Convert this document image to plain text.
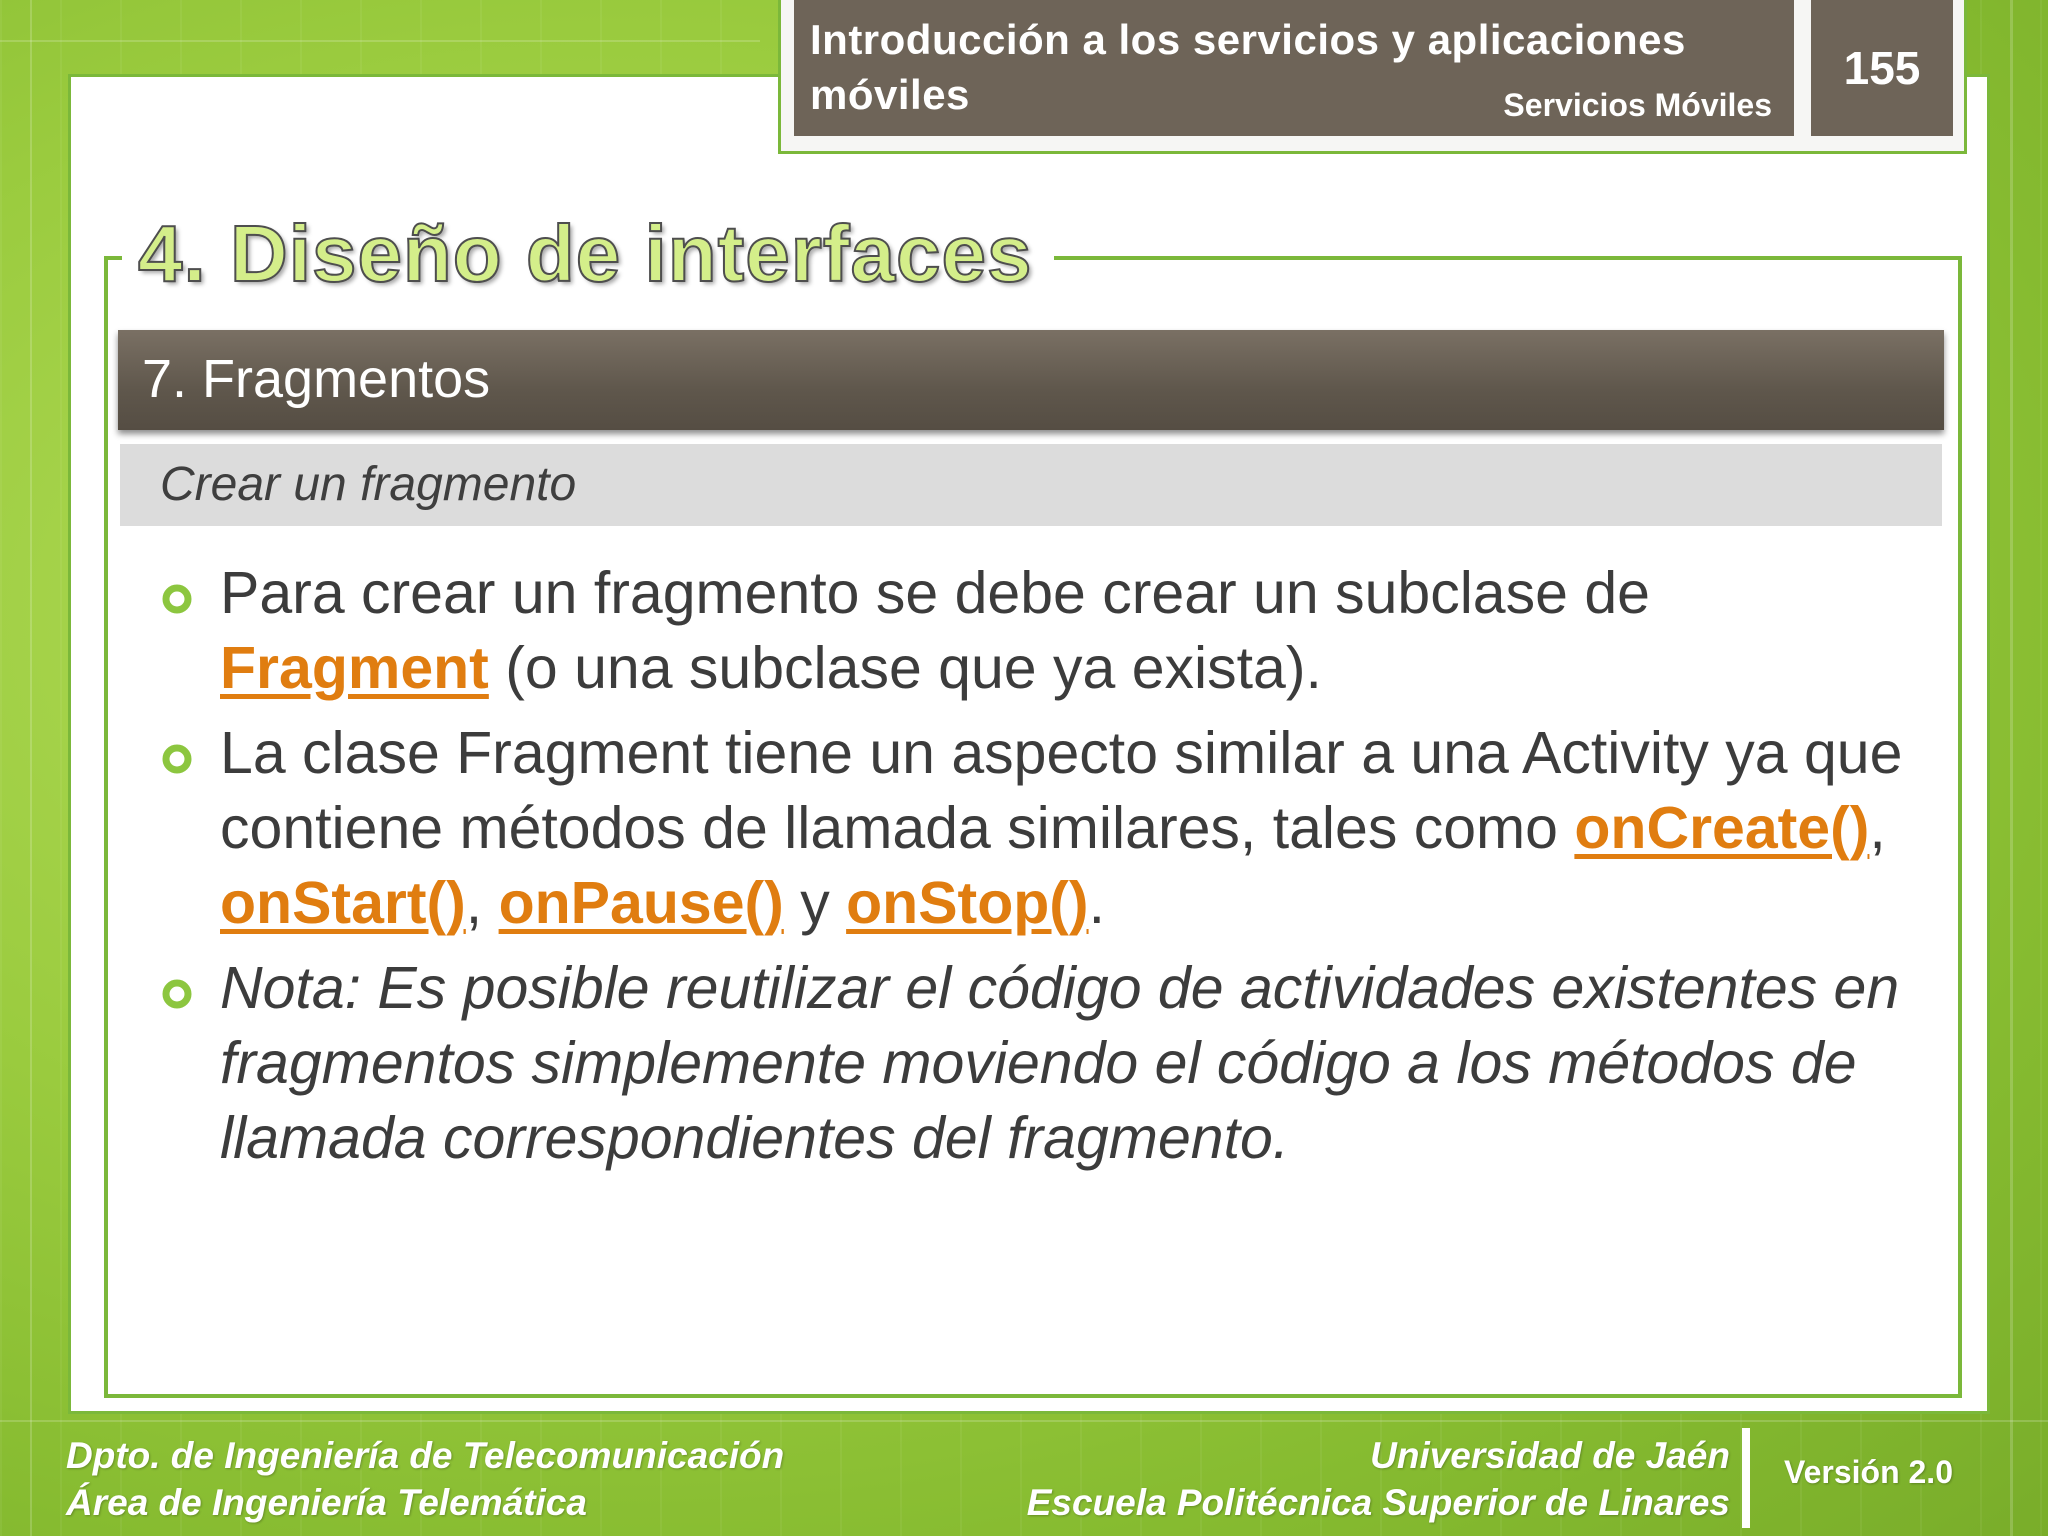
Introducción a los servicios y aplicaciones móviles	Servicios Móviles
155
4. Diseño de interfaces
7. Fragmentos
Crear un fragmento
Para crear un fragmento se debe crear un subclase de Fragment (o una subclase que ya exista).
La clase Fragment tiene un aspecto similar a una Activity ya que contiene métodos de llamada similares, tales como onCreate(), onStart(), onPause() y onStop().
Nota: Es posible reutilizar el código de actividades existentes en fragmentos simplemente moviendo el código a los métodos de llamada correspondientes del fragmento.
Dpto. de Ingeniería de Telecomunicación
Área de Ingeniería Telemática
Universidad de Jaén
Escuela Politécnica Superior de Linares
Versión 2.0
